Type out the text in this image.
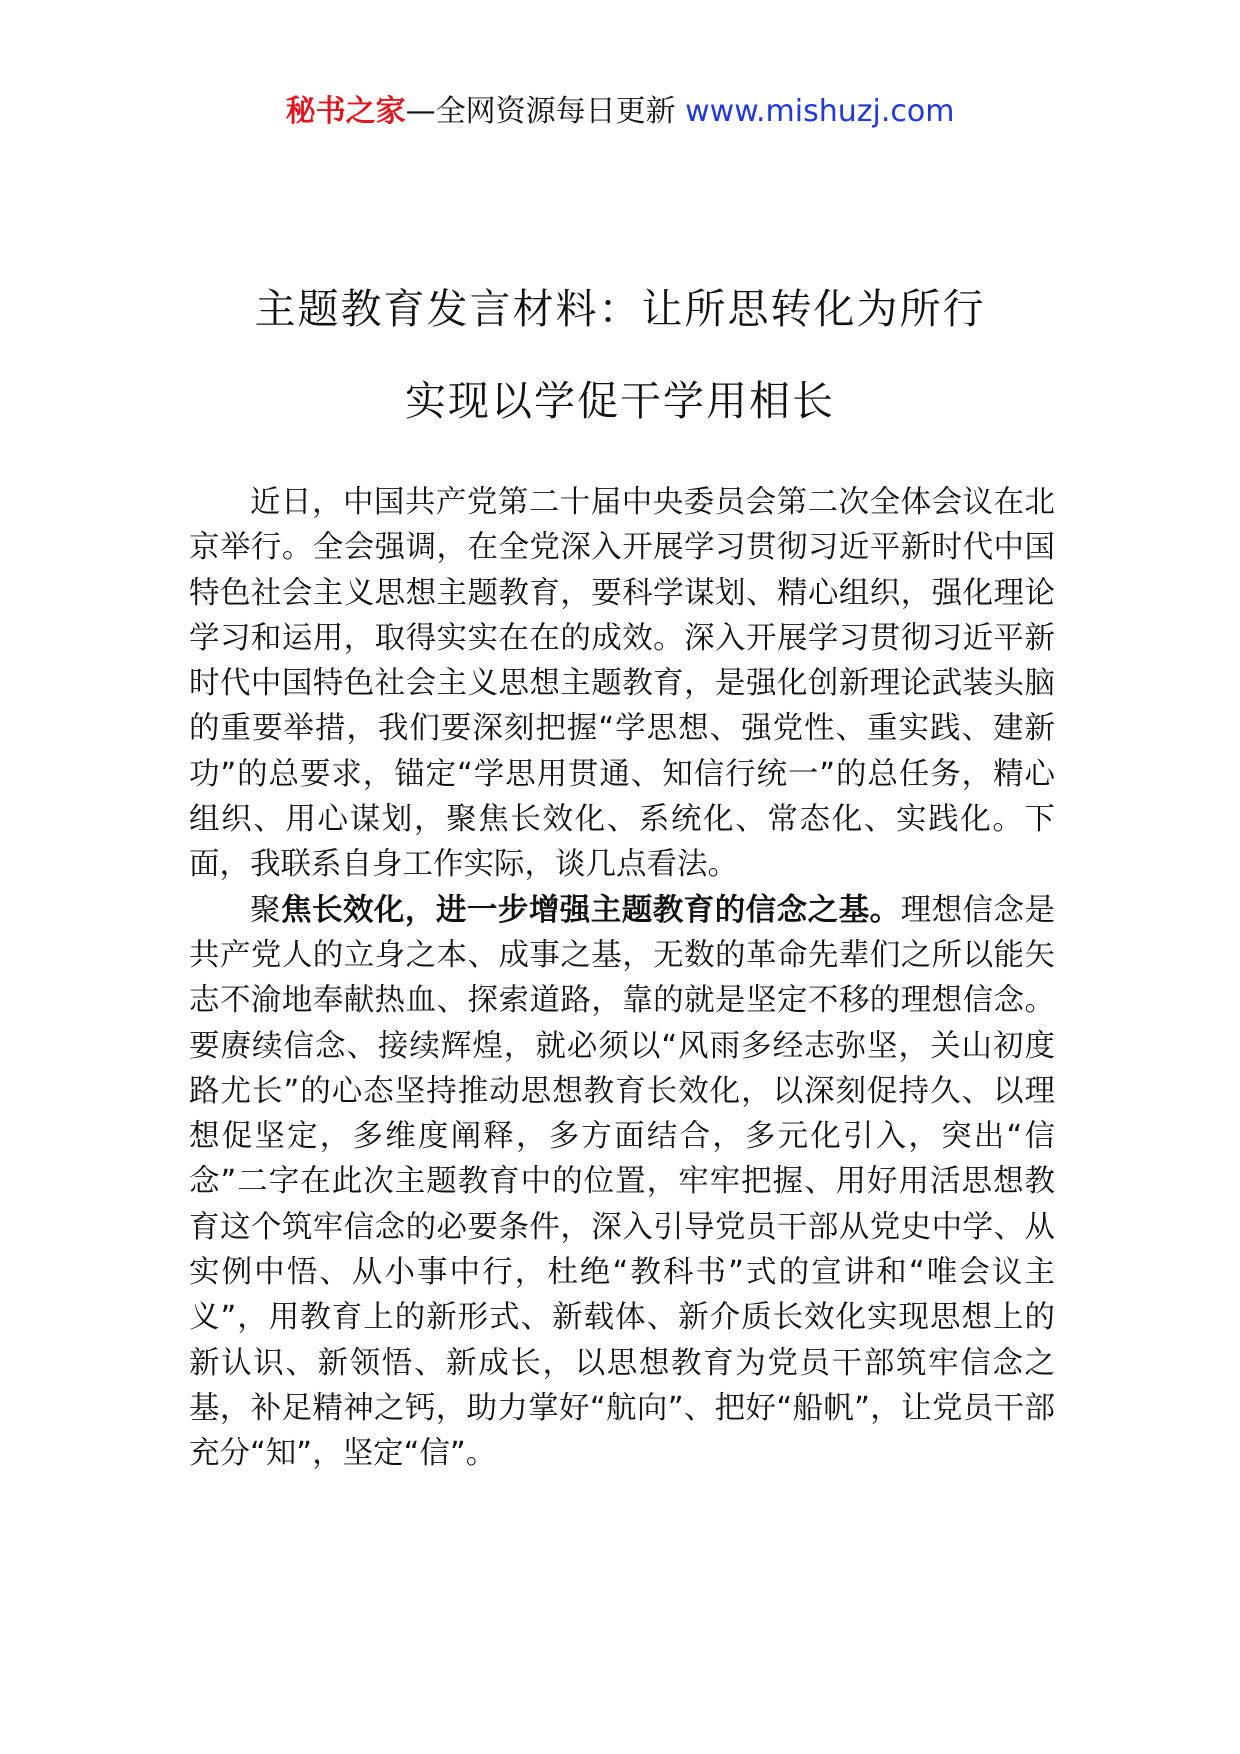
秘书之家—全网资源每日更新 www.mishuzj.com
主题教育发言材料：让所思转化为所行
实现以学促干学用相长

近日，中国共产党第二十届中央委员会第二次全体会议在北京举行。全会强调，在全党深入开展学习贯彻习近平新时代中国特色社会主义思想主题教育，要科学谋划、精心组织，强化理论学习和运用，取得实实在在的成效。深入开展学习贯彻习近平新时代中国特色社会主义思想主题教育，是强化创新理论武装头脑的重要举措，我们要深刻把握“学思想、强党性、重实践、建新功”的总要求，锚定“学思用贯通、知信行统一”的总任务，精心组织、用心谋划，聚焦长效化、系统化、常态化、实践化。下面，我联系自身工作实际，谈几点看法。

聚焦长效化，进一步增强主题教育的信念之基。理想信念是共产党人的立身之本、成事之基，无数的革命先辈们之所以能矢志不渝地奉献热血、探索道路，靠的就是坚定不移的理想信念。要赓续信念、接续辉煌，就必须以“风雨多经志弥坚，关山初度路尤长”的心态坚持推动思想教育长效化，以深刻促持久、以理想促坚定，多维度阐释，多方面结合，多元化引入，突出“信念”二字在此次主题教育中的位置，牢牢把握、用好用活思想教育这个筑牢信念的必要条件，深入引导党员干部从党史中学、从实例中悟、从小事中行，杜绝“教科书”式的宣讲和“唯会议主义”，用教育上的新形式、新载体、新介质长效化实现思想上的新认识、新领悟、新成长，以思想教育为党员干部筑牢信念之基，补足精神之钙，助力掌好“航向”、把好“船帆”，让党员干部充分“知”，坚定“信”。
